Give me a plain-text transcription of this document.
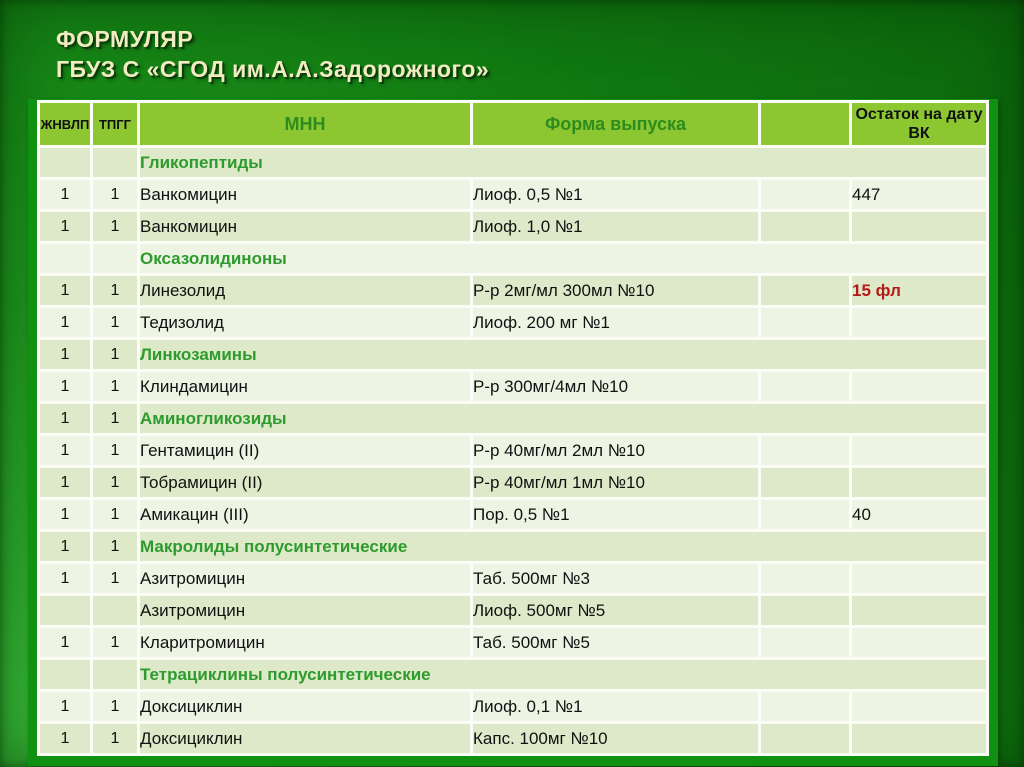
ФОРМУЛЯР
ГБУЗ С «СГОД им.А.А.Задорожного»
ЖНВЛП	ТПГГ	МНН	Форма выпуска		Остаток на дату ВК
		Гликопептиды			
1	1	Ванкомицин	Лиоф. 0,5 №1		447
1	1	Ванкомицин	Лиоф. 1,0 №1		
		Оксазолидиноны			
1	1	Линезолид	Р-р 2мг/мл 300мл №10		15 фл
1	1	Тедизолид	Лиоф. 200 мг №1		
1	1	Линкозамины			
1	1	Клиндамицин	Р-р 300мг/4мл №10		
1	1	Аминогликозиды			
1	1	Гентамицин (II)	Р-р 40мг/мл 2мл №10		
1	1	Тобрамицин (II)	Р-р 40мг/мл 1мл №10		
1	1	Амикацин (III)	Пор. 0,5 №1		40
1	1	Макролиды полусинтетические			
1	1	Азитромицин	Таб. 500мг №3		
		Азитромицин	Лиоф. 500мг №5		
1	1	Кларитромицин	Таб. 500мг №5		
		Тетрациклины полусинтетические			
1	1	Доксициклин	Лиоф. 0,1 №1		
1	1	Доксициклин	Капс. 100мг №10		
